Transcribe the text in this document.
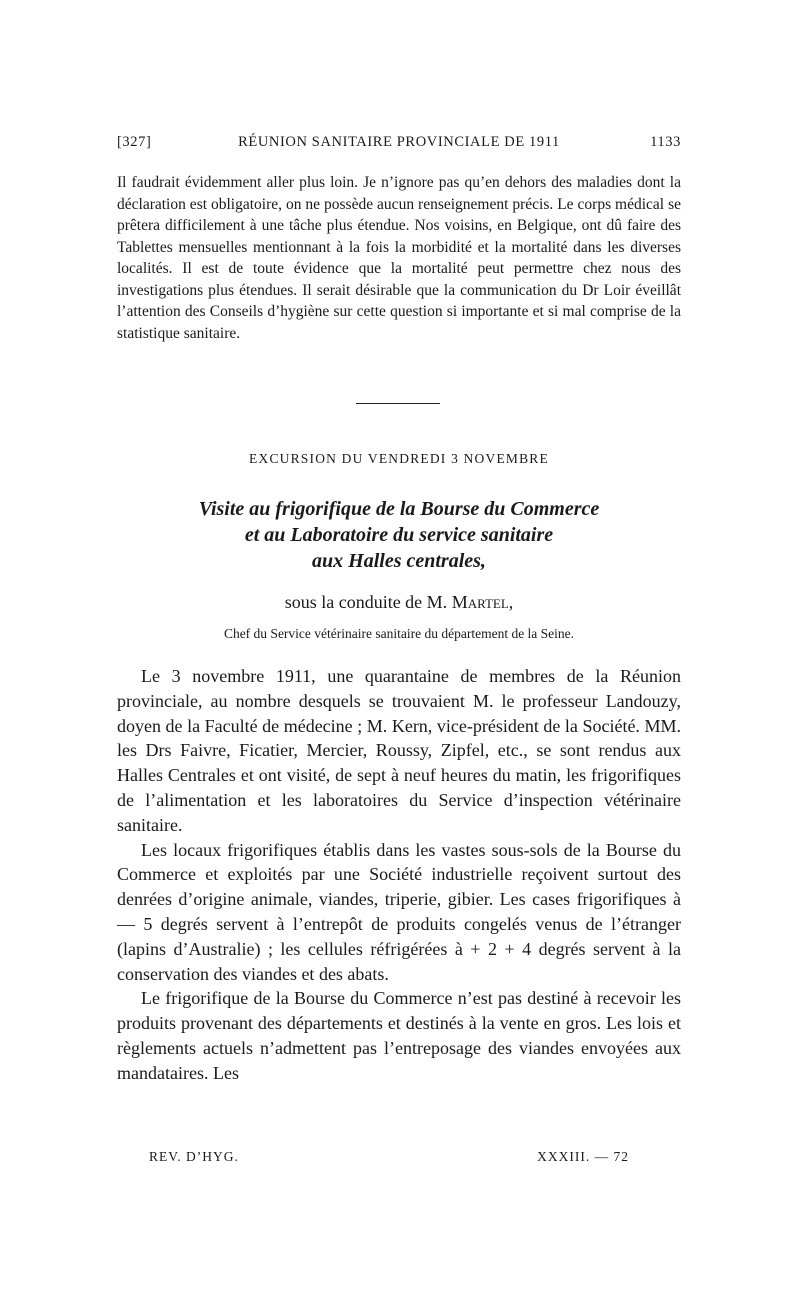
[327]	RÉUNION SANITAIRE PROVINCIALE DE 1911	1133

Il faudrait évidemment aller plus loin. Je n’ignore pas qu’en dehors des maladies dont la déclaration est obligatoire, on ne possède aucun renseignement précis. Le corps médical se prêtera difficilement à une tâche plus étendue. Nos voisins, en Belgique, ont dû faire des Tablettes mensuelles mentionnant à la fois la morbidité et la mortalité dans les diverses localités. Il est de toute évidence que la mortalité peut permettre chez nous des investigations plus étendues. Il serait désirable que la communication du Dr Loir éveillât l’attention des Conseils d’hygiène sur cette question si importante et si mal comprise de la statistique sanitaire.

EXCURSION DU VENDREDI 3 NOVEMBRE
Visite au frigorifique de la Bourse du Commerce
et au Laboratoire du service sanitaire
aux Halles centrales,
sous la conduite de M. Martel,
Chef du Service vétérinaire sanitaire du département de la Seine.

Le 3 novembre 1911, une quarantaine de membres de la Réunion provinciale, au nombre desquels se trouvaient M. le professeur Landouzy, doyen de la Faculté de médecine ; M. Kern, vice-président de la Société. MM. les Drs Faivre, Ficatier, Mercier, Roussy, Zipfel, etc., se sont rendus aux Halles Centrales et ont visité, de sept à neuf heures du matin, les frigorifiques de l’alimentation et les laboratoires du Service d’inspection vétérinaire sanitaire.

Les locaux frigorifiques établis dans les vastes sous-sols de la Bourse du Commerce et exploités par une Société industrielle reçoivent surtout des denrées d’origine animale, viandes, triperie, gibier. Les cases frigorifiques à — 5 degrés servent à l’entrepôt de produits congelés venus de l’étranger (lapins d’Australie) ; les cellules réfrigérées à + 2 + 4 degrés servent à la conservation des viandes et des abats.

Le frigorifique de la Bourse du Commerce n’est pas destiné à recevoir les produits provenant des départements et destinés à la vente en gros. Les lois et règlements actuels n’admettent pas l’entreposage des viandes envoyées aux mandataires. Les

REV. D’HYG.	XXXIII. — 72
